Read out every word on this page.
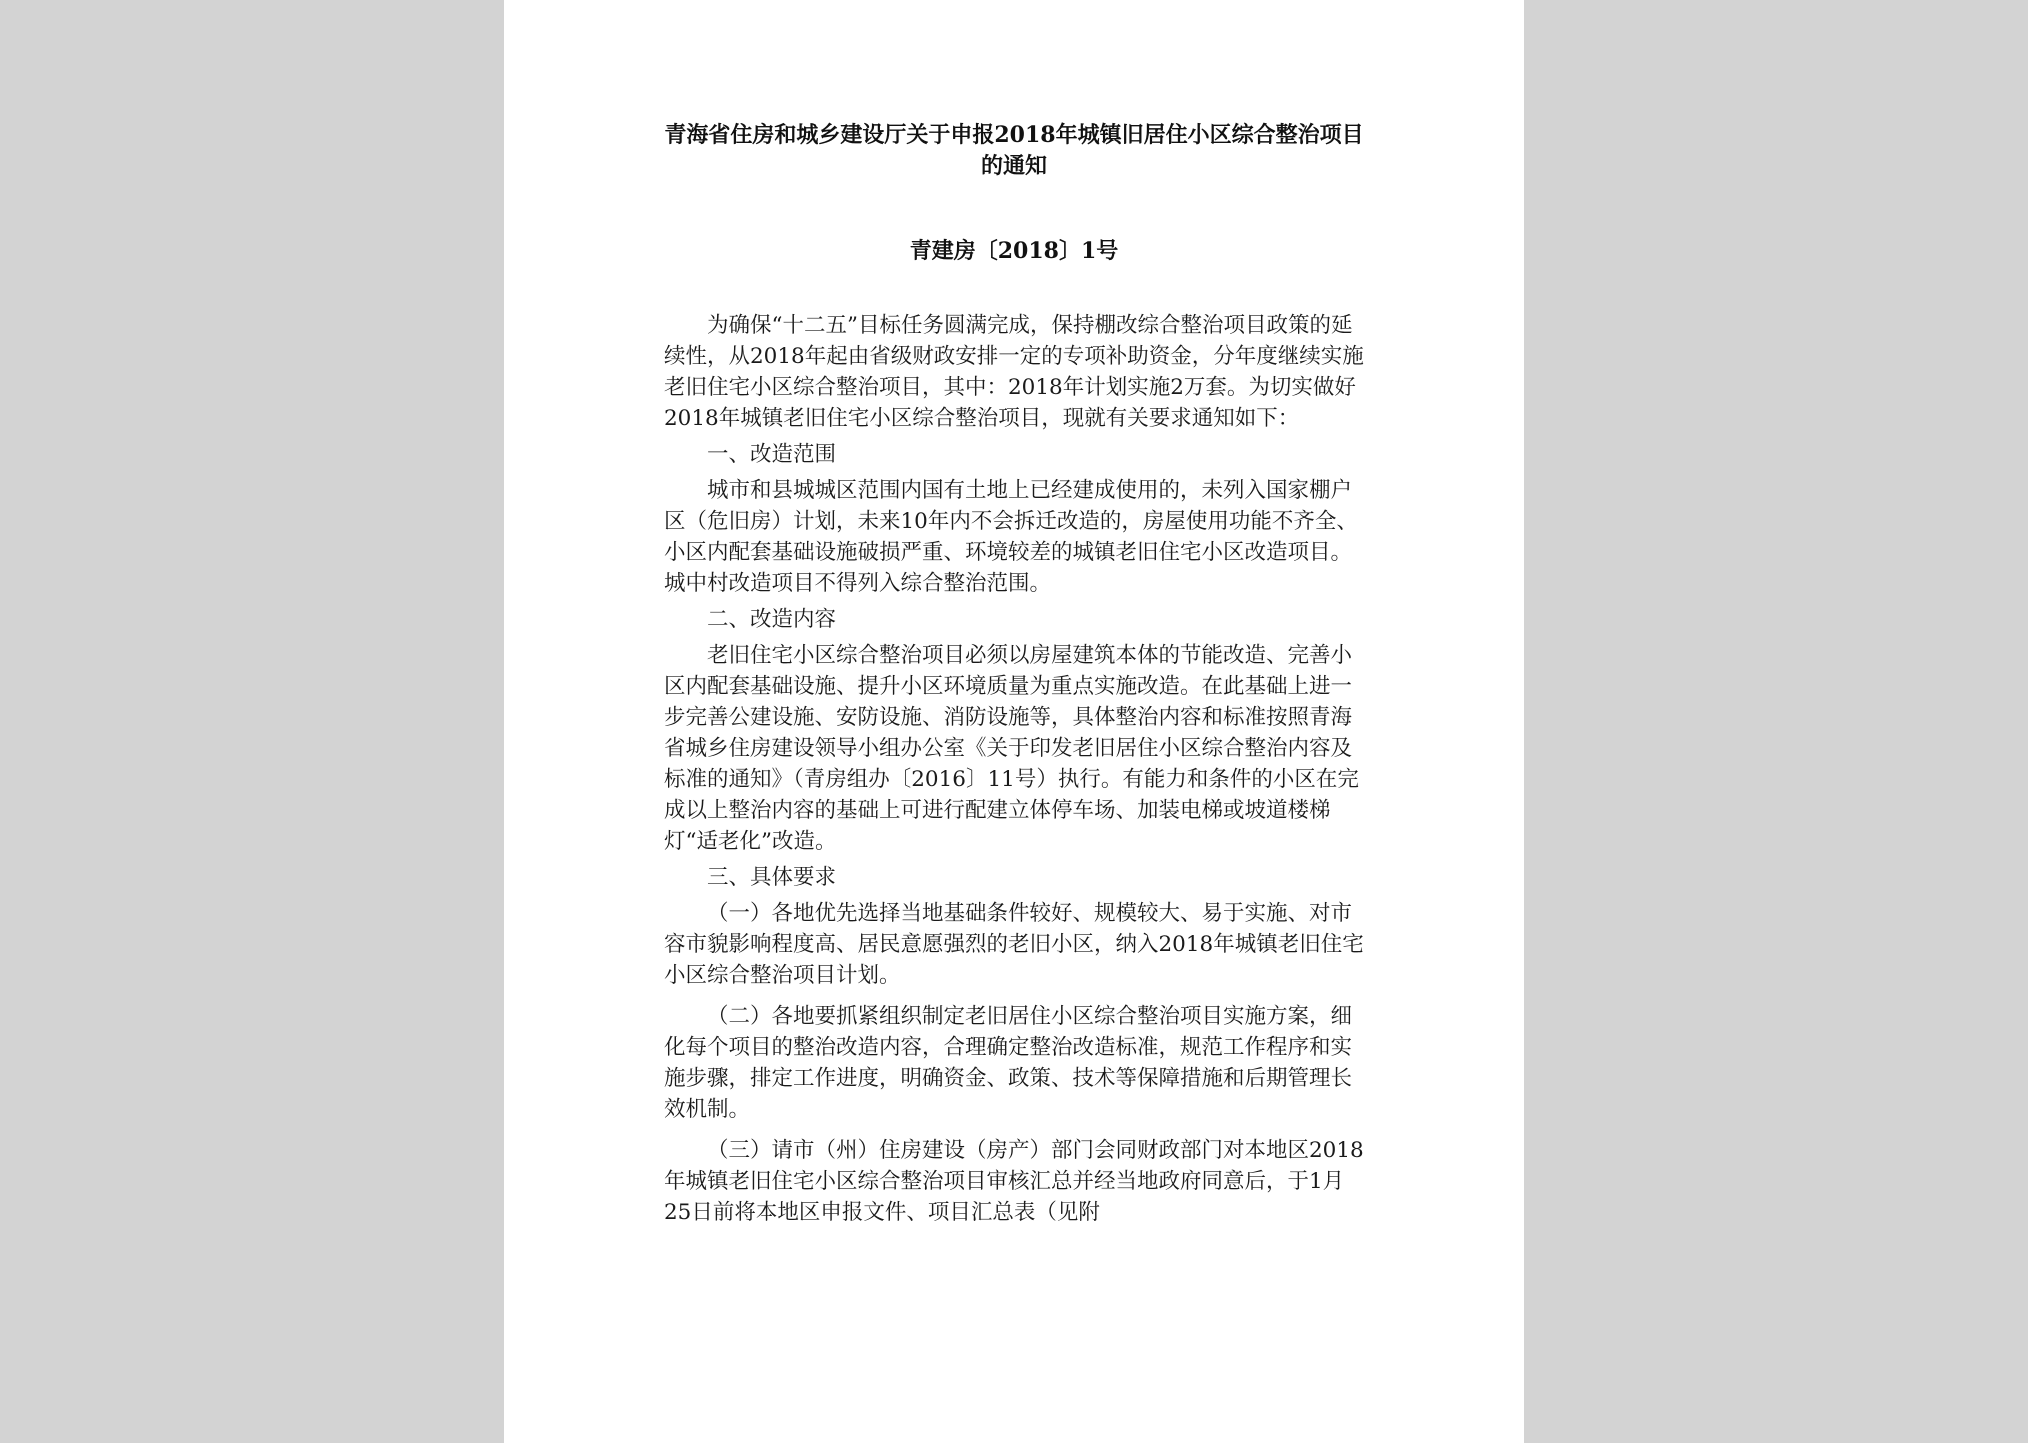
青海省住房和城乡建设厅关于申报2018年城镇旧居住小区综合整治项目的通知
青建房〔2018〕1号

为确保“十二五”目标任务圆满完成，保持棚改综合整治项目政策的延续性，从2018年起由省级财政安排一定的专项补助资金，分年度继续实施老旧住宅小区综合整治项目，其中：2018年计划实施2万套。为切实做好2018年城镇老旧住宅小区综合整治项目，现就有关要求通知如下：

一、改造范围

城市和县城城区范围内国有土地上已经建成使用的，未列入国家棚户区（危旧房）计划，未来10年内不会拆迁改造的，房屋使用功能不齐全、小区内配套基础设施破损严重、环境较差的城镇老旧住宅小区改造项目。城中村改造项目不得列入综合整治范围。

二、改造内容

老旧住宅小区综合整治项目必须以房屋建筑本体的节能改造、完善小区内配套基础设施、提升小区环境质量为重点实施改造。在此基础上进一步完善公建设施、安防设施、消防设施等，具体整治内容和标准按照青海省城乡住房建设领导小组办公室《关于印发老旧居住小区综合整治内容及标准的通知》（青房组办〔2016〕11号）执行。有能力和条件的小区在完成以上整治内容的基础上可进行配建立体停车场、加装电梯或坡道楼梯灯“适老化”改造。

三、具体要求

（一）各地优先选择当地基础条件较好、规模较大、易于实施、对市容市貌影响程度高、居民意愿强烈的老旧小区，纳入2018年城镇老旧住宅小区综合整治项目计划。

（二）各地要抓紧组织制定老旧居住小区综合整治项目实施方案，细化每个项目的整治改造内容，合理确定整治改造标准，规范工作程序和实施步骤，排定工作进度，明确资金、政策、技术等保障措施和后期管理长效机制。

（三）请市（州）住房建设（房产）部门会同财政部门对本地区2018年城镇老旧住宅小区综合整治项目审核汇总并经当地政府同意后，于1月25日前将本地区申报文件、项目汇总表（见附
